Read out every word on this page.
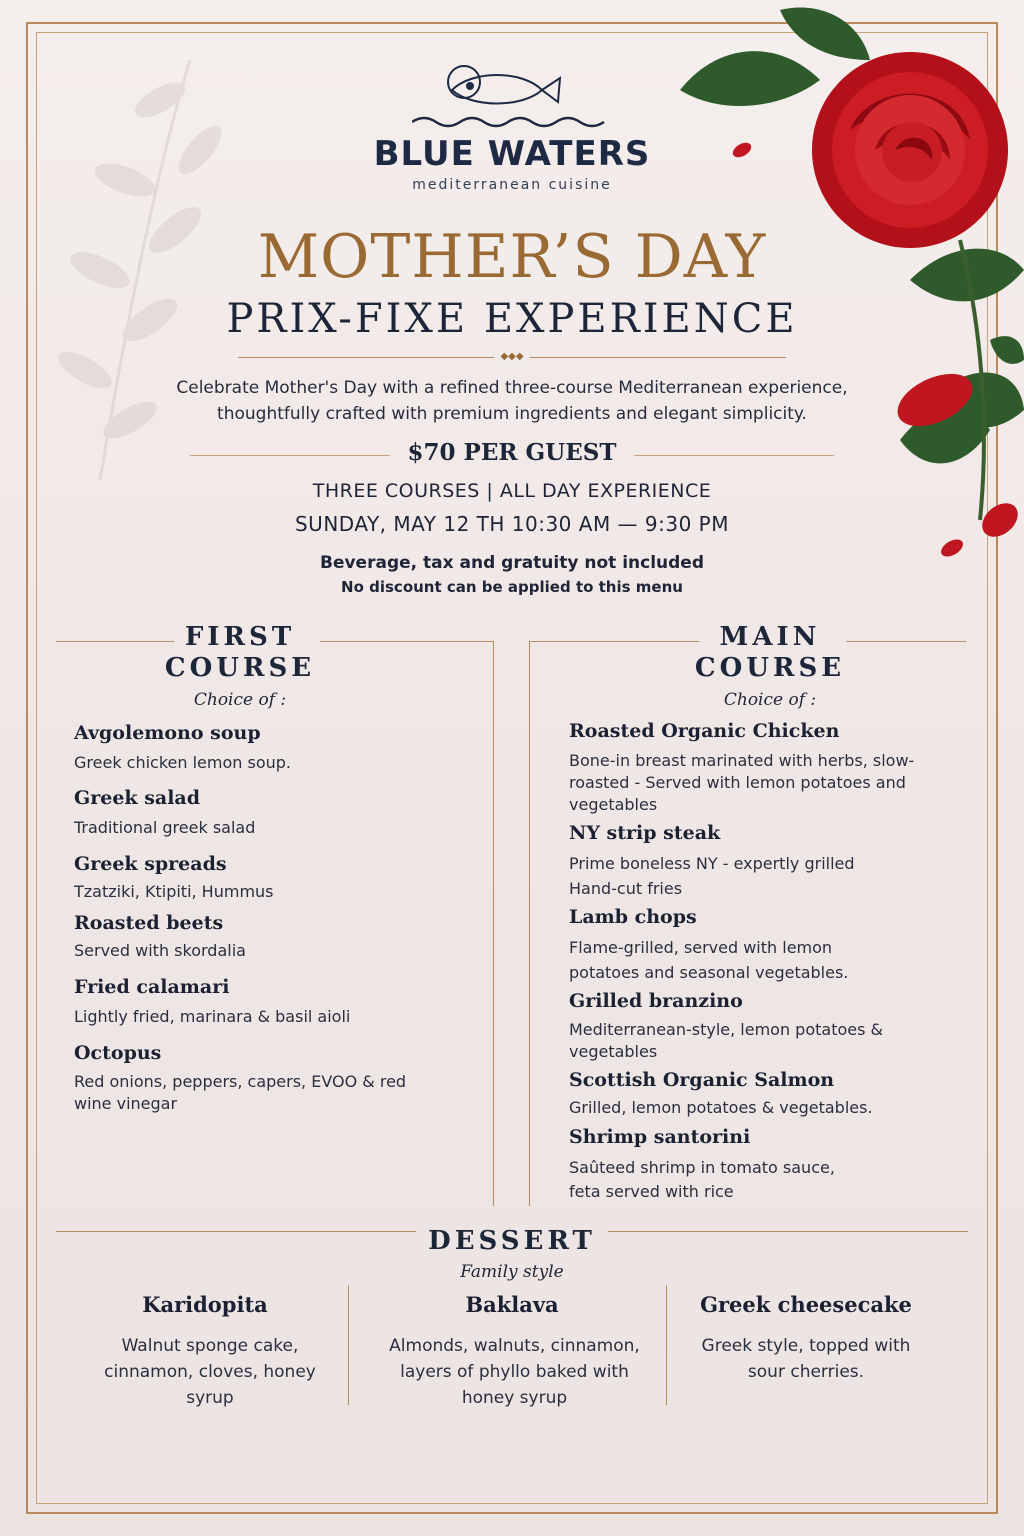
BLUE WATERS
mediterranean cuisine
MOTHER’S DAY
PRIX-FIXE EXPERIENCE
◆◆◆
Celebrate Mother's Day with a refined three-course Mediterranean experience, thoughtfully crafted with premium ingredients and elegant simplicity.
$70 PER GUEST
THREE COURSES | ALL DAY EXPERIENCE
SUNDAY, MAY 12 TH 10:30 AM — 9:30 PM
Beverage, tax and gratuity not included
No discount can be applied to this menu
FIRST
COURSE
Choice of :
Avgolemono soup
Greek chicken lemon soup.
Greek salad
Traditional greek salad
Greek spreads
Tzatziki, Ktipiti, Hummus
Roasted beets
Served with skordalia
Fried calamari
Lightly fried, marinara & basil aioli
Octopus
Red onions, peppers, capers, EVOO & red wine vinegar
MAIN
COURSE
Choice of :
Roasted Organic Chicken
Bone-in breast marinated with herbs, slow-roasted - Served with lemon potatoes and vegetables
NY strip steak
Prime boneless NY - expertly grilled Hand-cut fries
Lamb chops
Flame-grilled, served with lemon potatoes and seasonal vegetables.
Grilled branzino
Mediterranean-style, lemon potatoes & vegetables
Scottish Organic Salmon
Grilled, lemon potatoes & vegetables.
Shrimp santorini
Saûteed shrimp in tomato sauce, feta served with rice
DESSERT
Family style
Karidopita
Walnut sponge cake, cinnamon, cloves, honey syrup
Baklava
Almonds, walnuts, cinnamon, layers of phyllo baked with honey syrup
Greek cheesecake
Greek style, topped with sour cherries.
